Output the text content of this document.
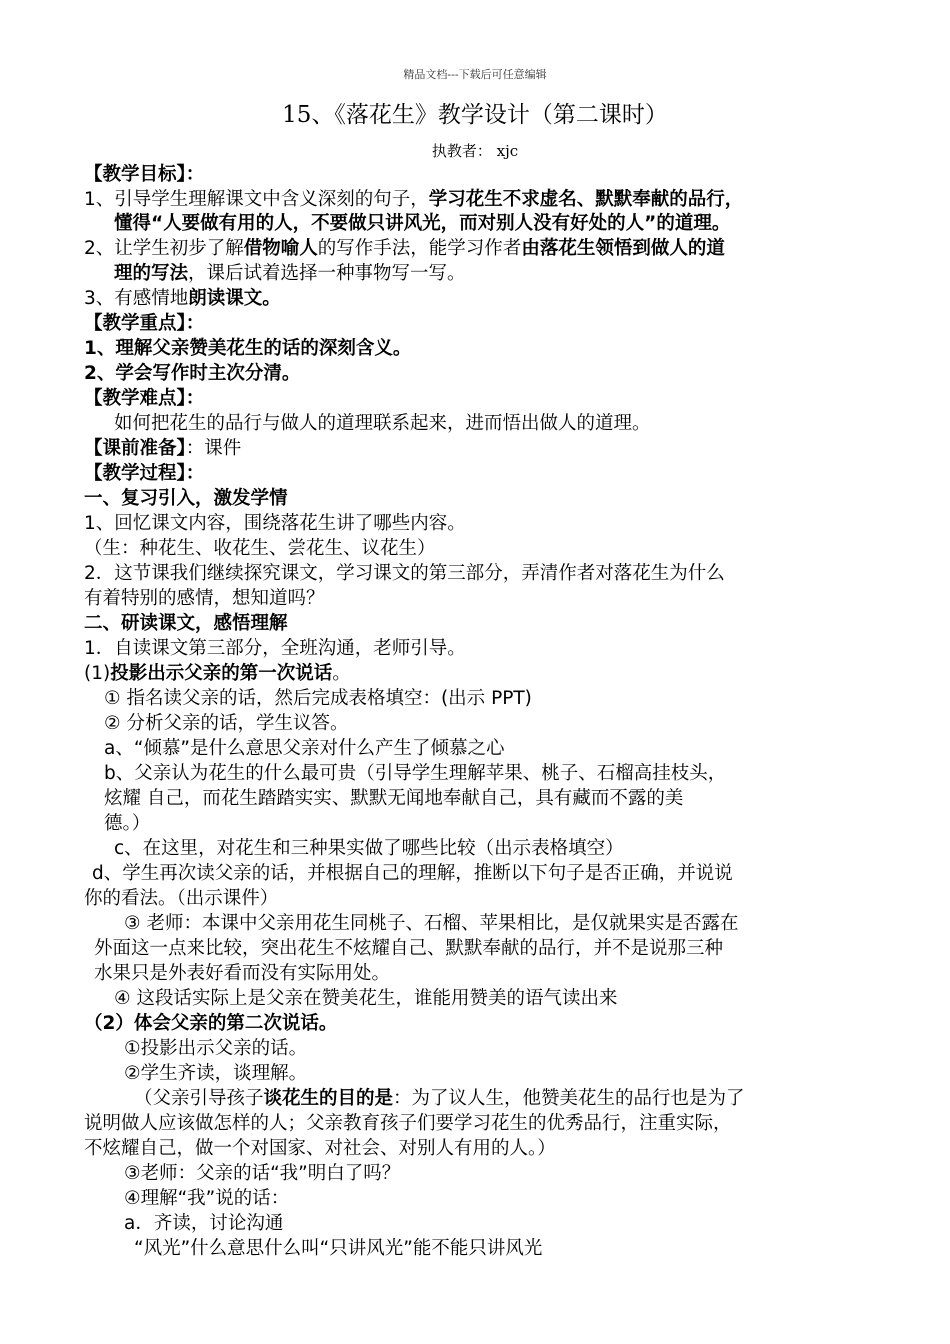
精品文档---下载后可任意编辑
15、《落花生》教学设计（第二课时）
执教者： xjc
【教学目标】：
1、引导学生理解课文中含义深刻的句子，学习花生不求虚名、默默奉献的品行，
懂得“人要做有用的人，不要做只讲风光，而对别人没有好处的人”的道理。
2、让学生初步了解借物喻人的写作手法，能学习作者由落花生领悟到做人的道
理的写法，课后试着选择一种事物写一写。
3、有感情地朗读课文。
【教学重点】：
1、理解父亲赞美花生的话的深刻含义。
2、学会写作时主次分清。
【教学难点】：
如何把花生的品行与做人的道理联系起来，进而悟出做人的道理。
【课前准备】：课件
【教学过程】：
一、复习引入，激发学情
1、回忆课文内容，围绕落花生讲了哪些内容。
（生：种花生、收花生、尝花生、议花生）
2．这节课我们继续探究课文，学习课文的第三部分，弄清作者对落花生为什么
有着特别的感情，想知道吗？
二、研读课文，感悟理解
1．自读课文第三部分，全班沟通，老师引导。
(1)投影出示父亲的第一次说话。
① 指名读父亲的话，然后完成表格填空：(出示 PPT)
② 分析父亲的话，学生议答。
a、“倾慕”是什么意思父亲对什么产生了倾慕之心
b、父亲认为花生的什么最可贵（引导学生理解苹果、桃子、石榴高挂枝头，
炫耀 自己，而花生踏踏实实、默默无闻地奉献自己，具有藏而不露的美
德。）
c、在这里，对花生和三种果实做了哪些比较（出示表格填空）
d、学生再次读父亲的话，并根据自己的理解，推断以下句子是否正确，并说说
你的看法。（出示课件）
③ 老师：本课中父亲用花生同桃子、石榴、苹果相比，是仅就果实是否露在
外面这一点来比较，突出花生不炫耀自己、默默奉献的品行，并不是说那三种
水果只是外表好看而没有实际用处。
④ 这段话实际上是父亲在赞美花生，谁能用赞美的语气读出来
（2）体会父亲的第二次说话。
①投影出示父亲的话。
②学生齐读，谈理解。
（父亲引导孩子谈花生的目的是：为了议人生，他赞美花生的品行也是为了
说明做人应该做怎样的人；父亲教育孩子们要学习花生的优秀品行，注重实际，
不炫耀自己，做一个对国家、对社会、对别人有用的人。）
③老师：父亲的话“我”明白了吗？
④理解“我”说的话：
a．齐读，讨论沟通
“风光”什么意思什么叫“只讲风光”能不能只讲风光
